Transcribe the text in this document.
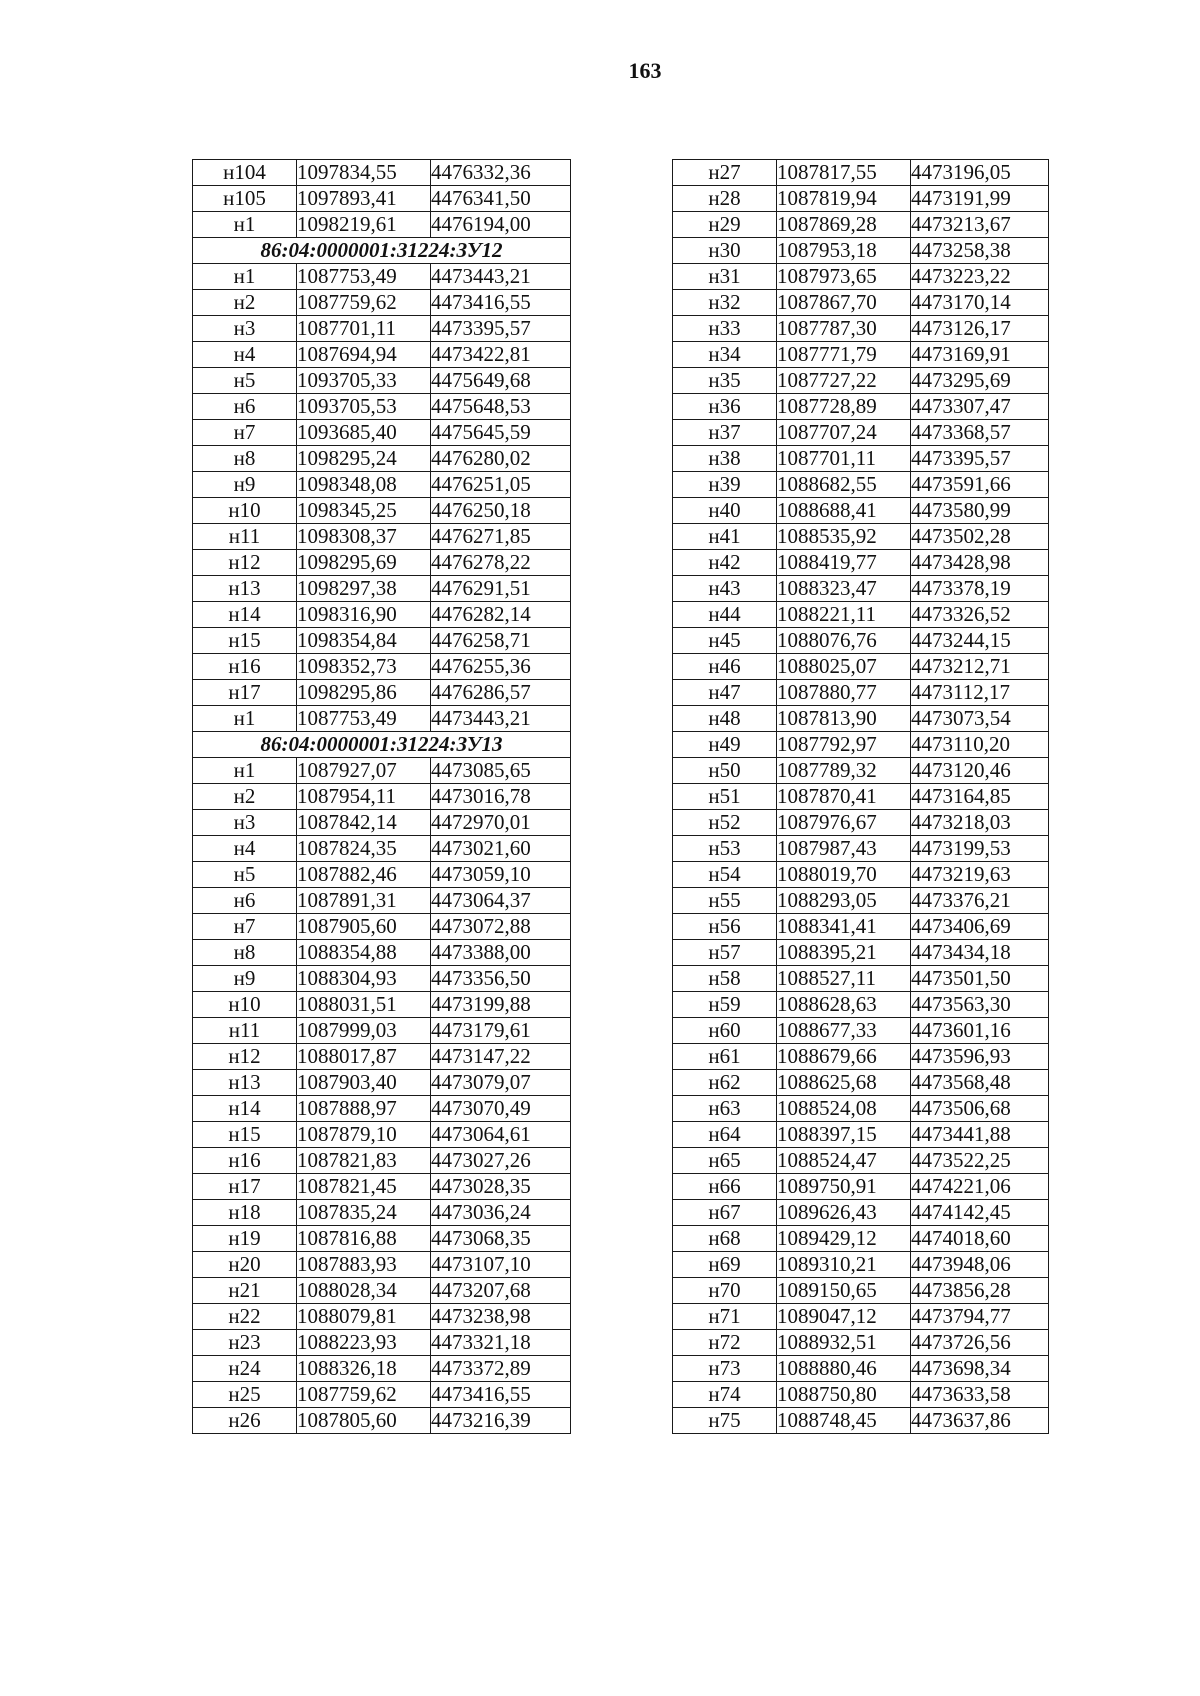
163
н104	1097834,55	4476332,36
н105	1097893,41	4476341,50
н1	1098219,61	4476194,00
86:04:0000001:31224:ЗУ12		
н1	1087753,49	4473443,21
н2	1087759,62	4473416,55
н3	1087701,11	4473395,57
н4	1087694,94	4473422,81
н5	1093705,33	4475649,68
н6	1093705,53	4475648,53
н7	1093685,40	4475645,59
н8	1098295,24	4476280,02
н9	1098348,08	4476251,05
н10	1098345,25	4476250,18
н11	1098308,37	4476271,85
н12	1098295,69	4476278,22
н13	1098297,38	4476291,51
н14	1098316,90	4476282,14
н15	1098354,84	4476258,71
н16	1098352,73	4476255,36
н17	1098295,86	4476286,57
н1	1087753,49	4473443,21
86:04:0000001:31224:ЗУ13		
н1	1087927,07	4473085,65
н2	1087954,11	4473016,78
н3	1087842,14	4472970,01
н4	1087824,35	4473021,60
н5	1087882,46	4473059,10
н6	1087891,31	4473064,37
н7	1087905,60	4473072,88
н8	1088354,88	4473388,00
н9	1088304,93	4473356,50
н10	1088031,51	4473199,88
н11	1087999,03	4473179,61
н12	1088017,87	4473147,22
н13	1087903,40	4473079,07
н14	1087888,97	4473070,49
н15	1087879,10	4473064,61
н16	1087821,83	4473027,26
н17	1087821,45	4473028,35
н18	1087835,24	4473036,24
н19	1087816,88	4473068,35
н20	1087883,93	4473107,10
н21	1088028,34	4473207,68
н22	1088079,81	4473238,98
н23	1088223,93	4473321,18
н24	1088326,18	4473372,89
н25	1087759,62	4473416,55
н26	1087805,60	4473216,39
н27	1087817,55	4473196,05
н28	1087819,94	4473191,99
н29	1087869,28	4473213,67
н30	1087953,18	4473258,38
н31	1087973,65	4473223,22
н32	1087867,70	4473170,14
н33	1087787,30	4473126,17
н34	1087771,79	4473169,91
н35	1087727,22	4473295,69
н36	1087728,89	4473307,47
н37	1087707,24	4473368,57
н38	1087701,11	4473395,57
н39	1088682,55	4473591,66
н40	1088688,41	4473580,99
н41	1088535,92	4473502,28
н42	1088419,77	4473428,98
н43	1088323,47	4473378,19
н44	1088221,11	4473326,52
н45	1088076,76	4473244,15
н46	1088025,07	4473212,71
н47	1087880,77	4473112,17
н48	1087813,90	4473073,54
н49	1087792,97	4473110,20
н50	1087789,32	4473120,46
н51	1087870,41	4473164,85
н52	1087976,67	4473218,03
н53	1087987,43	4473199,53
н54	1088019,70	4473219,63
н55	1088293,05	4473376,21
н56	1088341,41	4473406,69
н57	1088395,21	4473434,18
н58	1088527,11	4473501,50
н59	1088628,63	4473563,30
н60	1088677,33	4473601,16
н61	1088679,66	4473596,93
н62	1088625,68	4473568,48
н63	1088524,08	4473506,68
н64	1088397,15	4473441,88
н65	1088524,47	4473522,25
н66	1089750,91	4474221,06
н67	1089626,43	4474142,45
н68	1089429,12	4474018,60
н69	1089310,21	4473948,06
н70	1089150,65	4473856,28
н71	1089047,12	4473794,77
н72	1088932,51	4473726,56
н73	1088880,46	4473698,34
н74	1088750,80	4473633,58
н75	1088748,45	4473637,86
